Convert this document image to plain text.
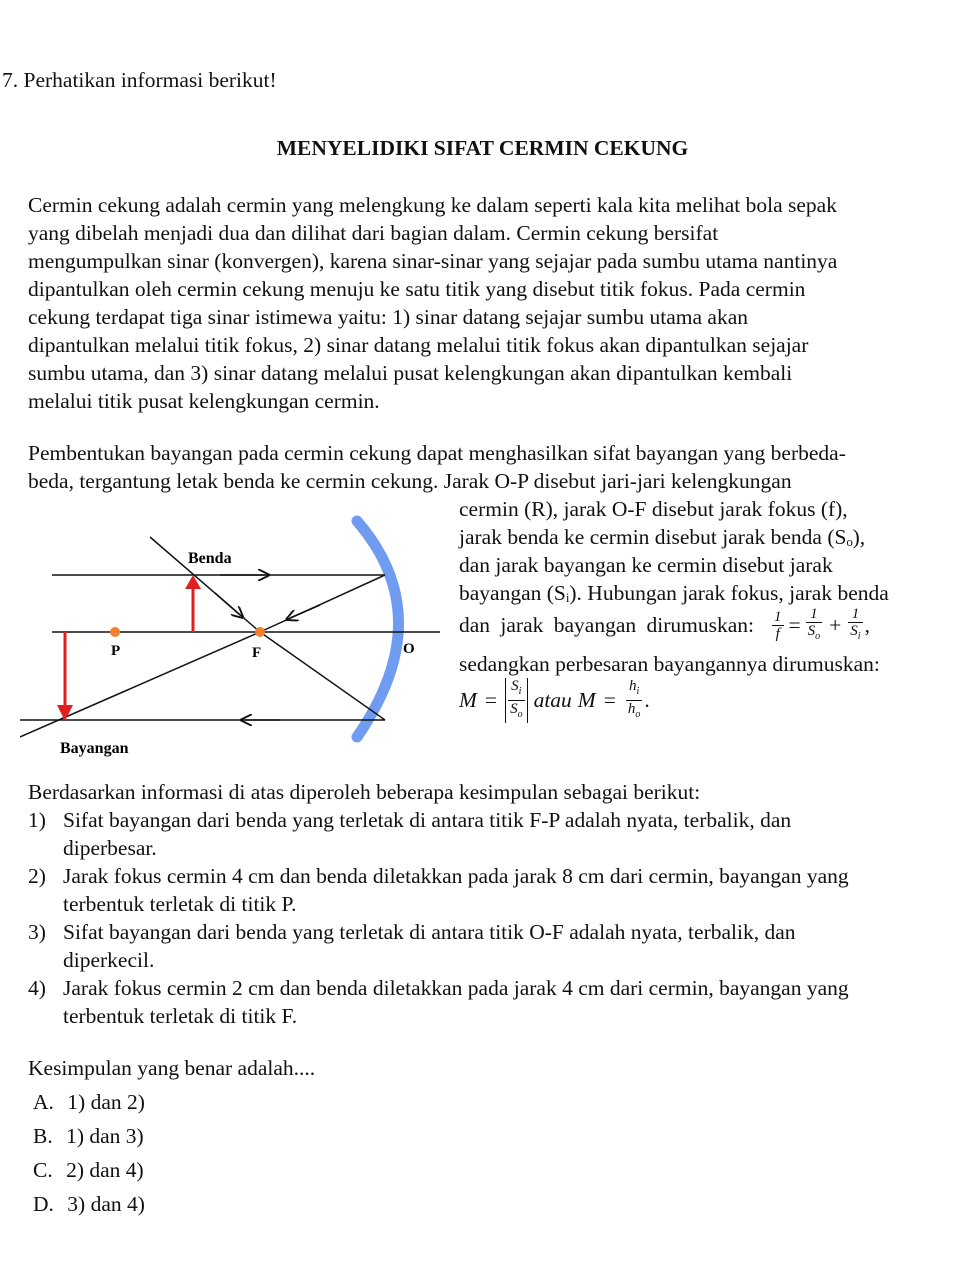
7. Perhatikan informasi berikut!
MENYELIDIKI SIFAT CERMIN CEKUNG
Cermin cekung adalah cermin yang melengkung ke dalam seperti kala kita melihat bola sepak
yang dibelah menjadi dua dan dilihat dari bagian dalam. Cermin cekung bersifat
mengumpulkan sinar (konvergen), karena sinar-sinar yang sejajar pada sumbu utama nantinya
dipantulkan oleh cermin cekung menuju ke satu titik yang disebut titik fokus. Pada cermin
cekung terdapat tiga sinar istimewa yaitu: 1) sinar datang sejajar sumbu utama akan
dipantulkan melalui titik fokus, 2) sinar datang melalui titik fokus akan dipantulkan sejajar
sumbu utama, dan 3) sinar datang melalui pusat kelengkungan akan dipantulkan kembali
melalui titik pusat kelengkungan cermin.
Pembentukan bayangan pada cermin cekung dapat menghasilkan sifat bayangan yang berbeda-
beda, tergantung letak benda ke cermin cekung. Jarak O-P disebut jari-jari kelengkungan
cermin (R), jarak O-F disebut jarak fokus (f),
jarak benda ke cermin disebut jarak benda (Sₒ),
dan jarak bayangan ke cermin disebut jarak
bayangan (Sᵢ). Hubungan jarak fokus, jarak benda
dan jarak bayangan dirumuskan: $\frac{1}{f} = \frac{1}{S_o} + \frac{1}{S_i}$ ,
sedangkan perbesaran bayangannya dirumuskan:
$M = \frac{S_i}{S_o}$ atau $M = \frac{h_i}{h_o}$ .
Benda
P	F	O
Bayangan
Berdasarkan informasi di atas diperoleh beberapa kesimpulan sebagai berikut:
1) Sifat bayangan dari benda yang terletak di antara titik F-P adalah nyata, terbalik, dan
diperbesar.
2) Jarak fokus cermin 4 cm dan benda diletakkan pada jarak 8 cm dari cermin, bayangan yang
terbentuk terletak di titik P.
3) Sifat bayangan dari benda yang terletak di antara titik O-F adalah nyata, terbalik, dan
diperkecil.
4) Jarak fokus cermin 2 cm dan benda diletakkan pada jarak 4 cm dari cermin, bayangan yang
terbentuk terletak di titik F.
Kesimpulan yang benar adalah....
A. 1) dan 2)
B. 1) dan 3)
C. 2) dan 4)
D. 3) dan 4)
